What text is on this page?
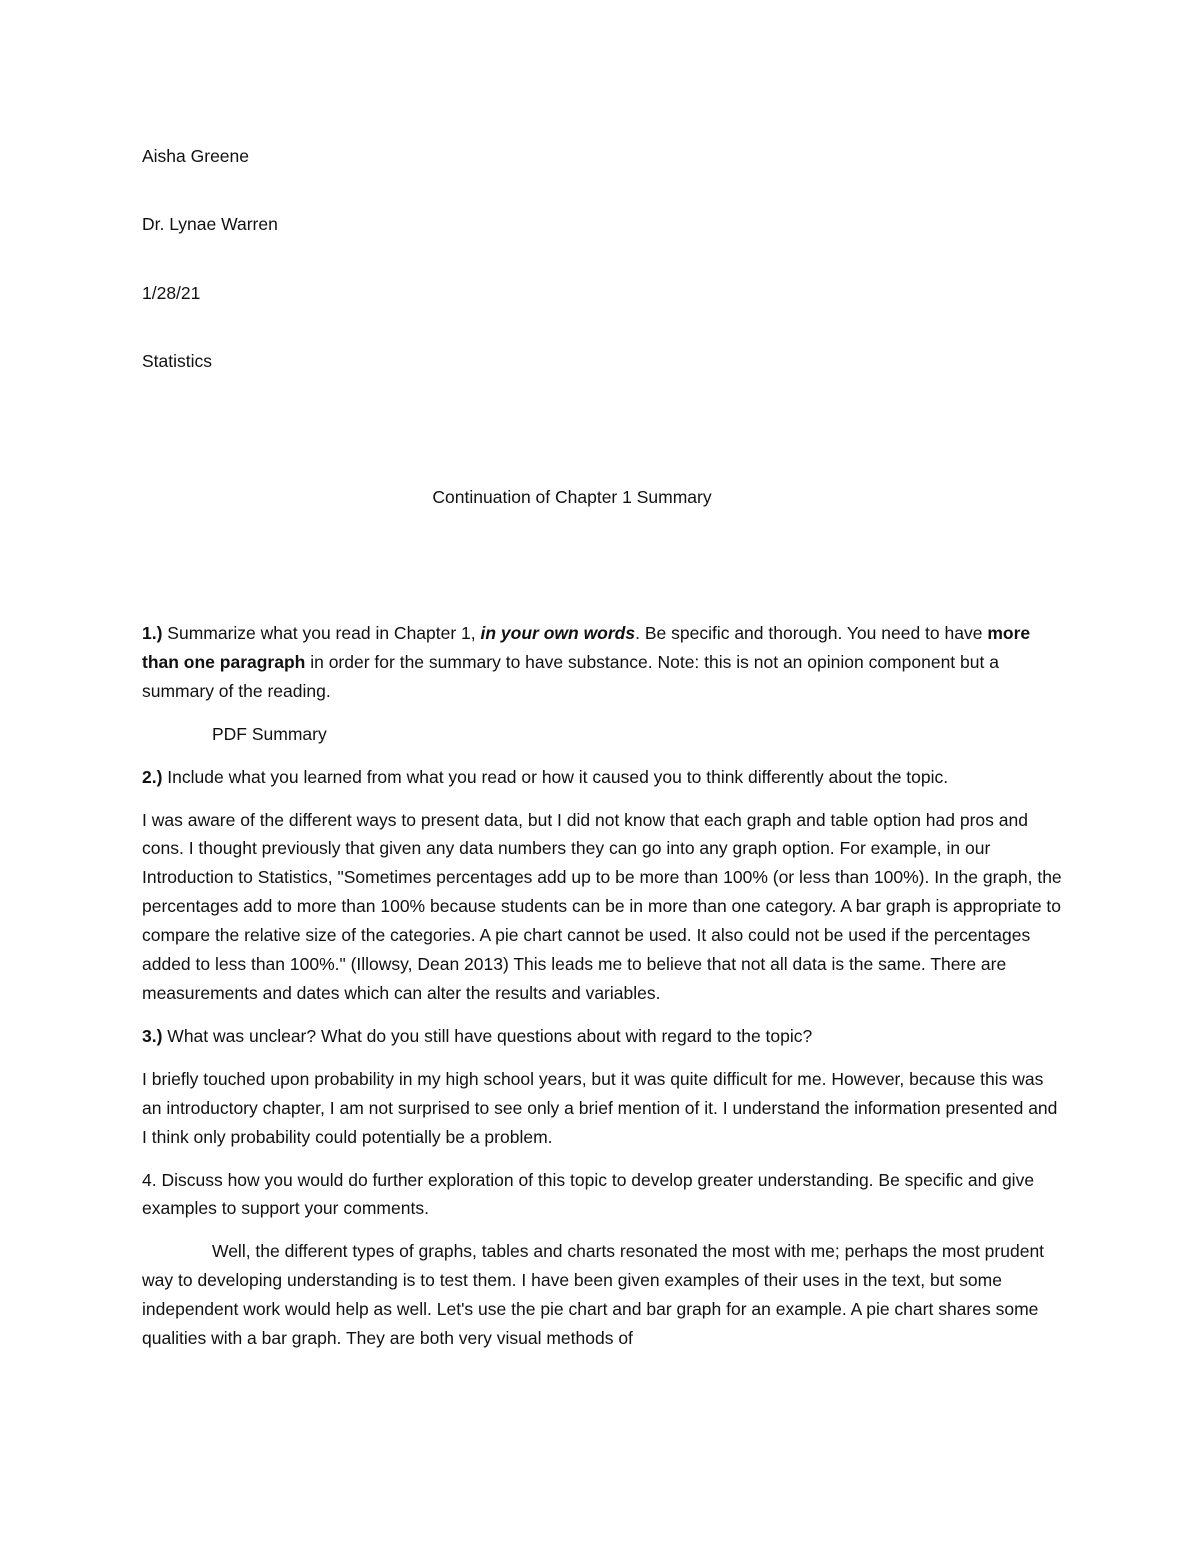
Aisha Greene
Dr. Lynae Warren
1/28/21
Statistics
Continuation of Chapter 1 Summary

1.) Summarize what you read in Chapter 1, in your own words. Be specific and thorough. You need to have more than one paragraph in order for the summary to have substance. Note: this is not an opinion component but a summary of the reading.

PDF Summary

2.) Include what you learned from what you read or how it caused you to think differently about the topic.

I was aware of the different ways to present data, but I did not know that each graph and table option had pros and cons. I thought previously that given any data numbers they can go into any graph option. For example, in our Introduction to Statistics, "Sometimes percentages add up to be more than 100% (or less than 100%). In the graph, the percentages add to more than 100% because students can be in more than one category. A bar graph is appropriate to compare the relative size of the categories. A pie chart cannot be used. It also could not be used if the percentages added to less than 100%." (Illowsy, Dean 2013) This leads me to believe that not all data is the same. There are measurements and dates which can alter the results and variables.

3.) What was unclear? What do you still have questions about with regard to the topic?

I briefly touched upon probability in my high school years, but it was quite difficult for me. However, because this was an introductory chapter, I am not surprised to see only a brief mention of it. I understand the information presented and I think only probability could potentially be a problem.

4. Discuss how you would do further exploration of this topic to develop greater understanding. Be specific and give examples to support your comments.

Well, the different types of graphs, tables and charts resonated the most with me; perhaps the most prudent way to developing understanding is to test them. I have been given examples of their uses in the text, but some independent work would help as well. Let's use the pie chart and bar graph for an example. A pie chart shares some qualities with a bar graph. They are both very visual methods of
